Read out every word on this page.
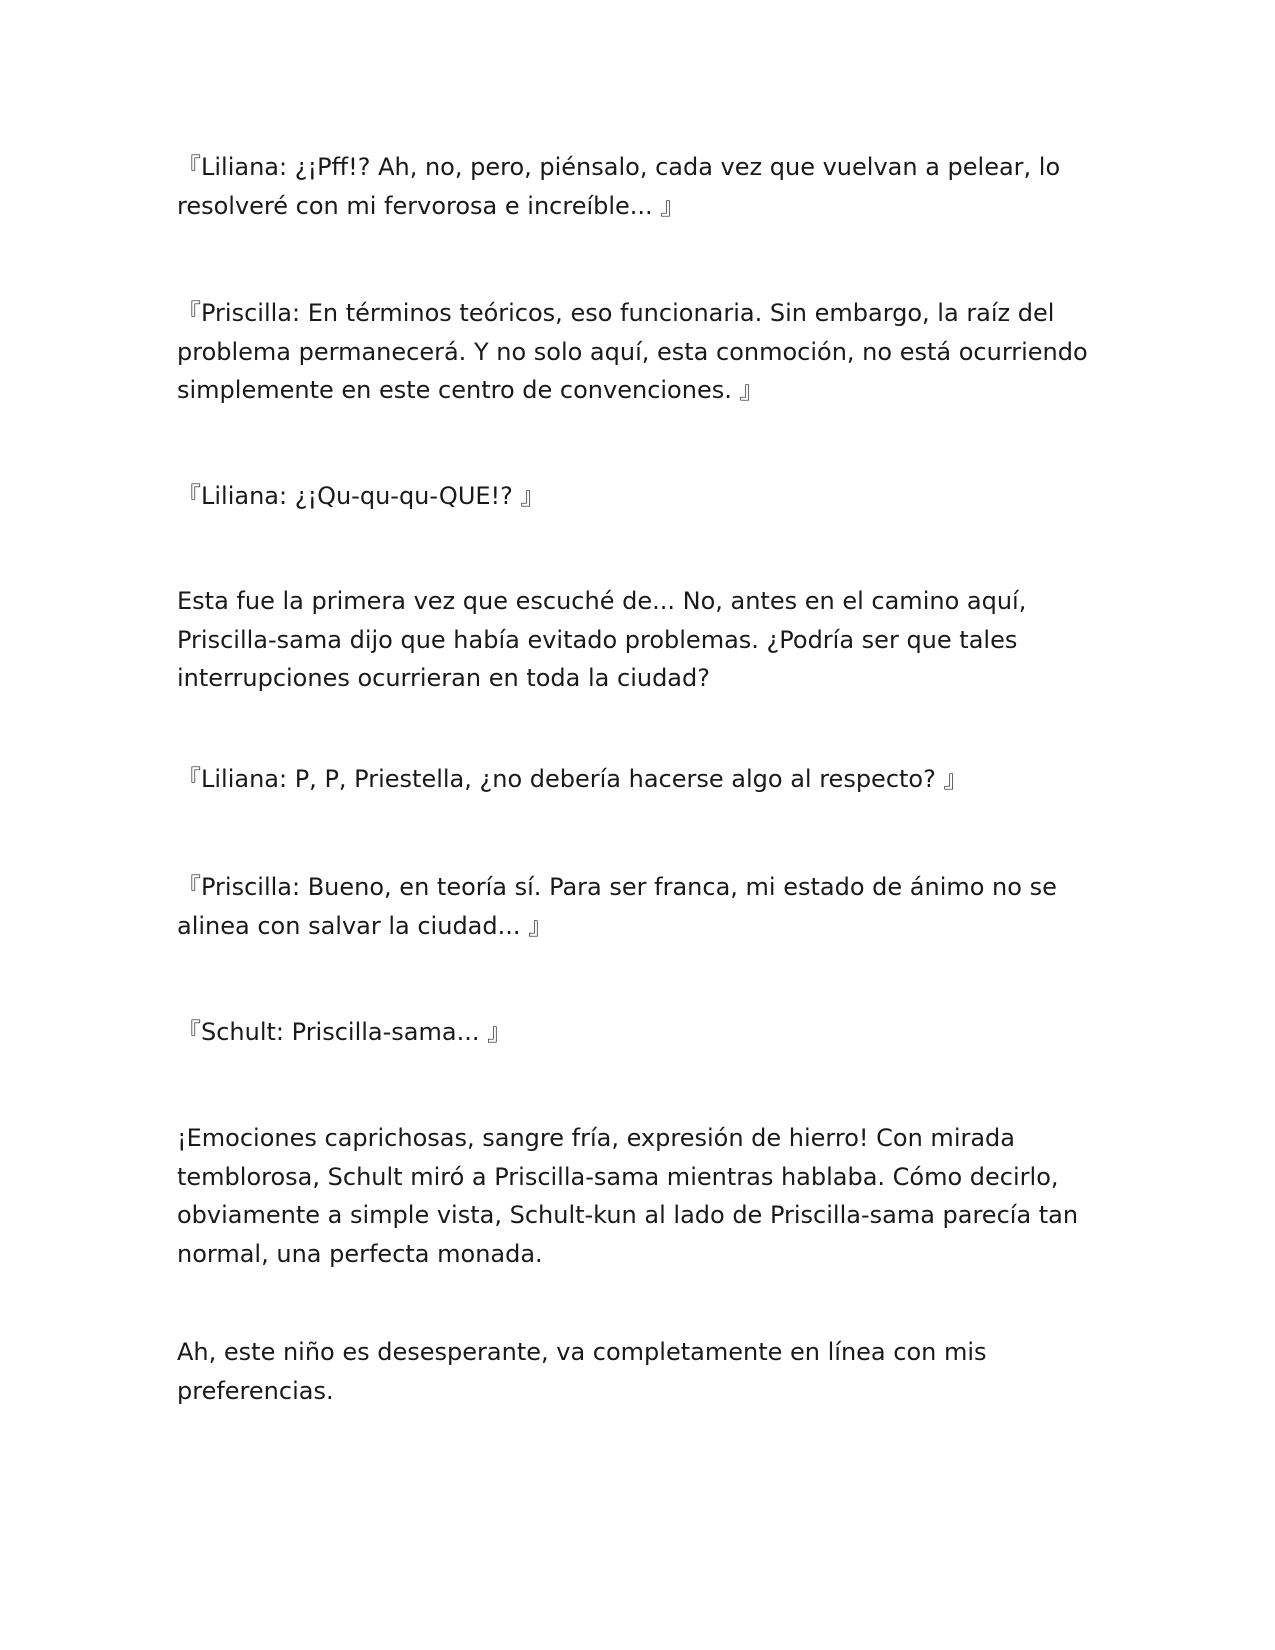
『Liliana: ¿¡Pff!? Ah, no, pero, piénsalo, cada vez que vuelvan a pelear, lo
resolveré con mi fervorosa e increíble... 』

『Priscilla: En términos teóricos, eso funcionaria. Sin embargo, la raíz del
problema permanecerá. Y no solo aquí, esta conmoción, no está ocurriendo
simplemente en este centro de convenciones. 』

『Liliana: ¿¡Qu-qu-qu-QUE!? 』

Esta fue la primera vez que escuché de... No, antes en el camino aquí,
Priscilla-sama dijo que había evitado problemas. ¿Podría ser que tales
interrupciones ocurrieran en toda la ciudad?

『Liliana: P, P, Priestella, ¿no debería hacerse algo al respecto? 』

『Priscilla: Bueno, en teoría sí. Para ser franca, mi estado de ánimo no se
alinea con salvar la ciudad... 』

『Schult: Priscilla-sama... 』

¡Emociones caprichosas, sangre fría, expresión de hierro! Con mirada
temblorosa, Schult miró a Priscilla-sama mientras hablaba. Cómo decirlo,
obviamente a simple vista, Schult-kun al lado de Priscilla-sama parecía tan
normal, una perfecta monada.

Ah, este niño es desesperante, va completamente en línea con mis
preferencias.
